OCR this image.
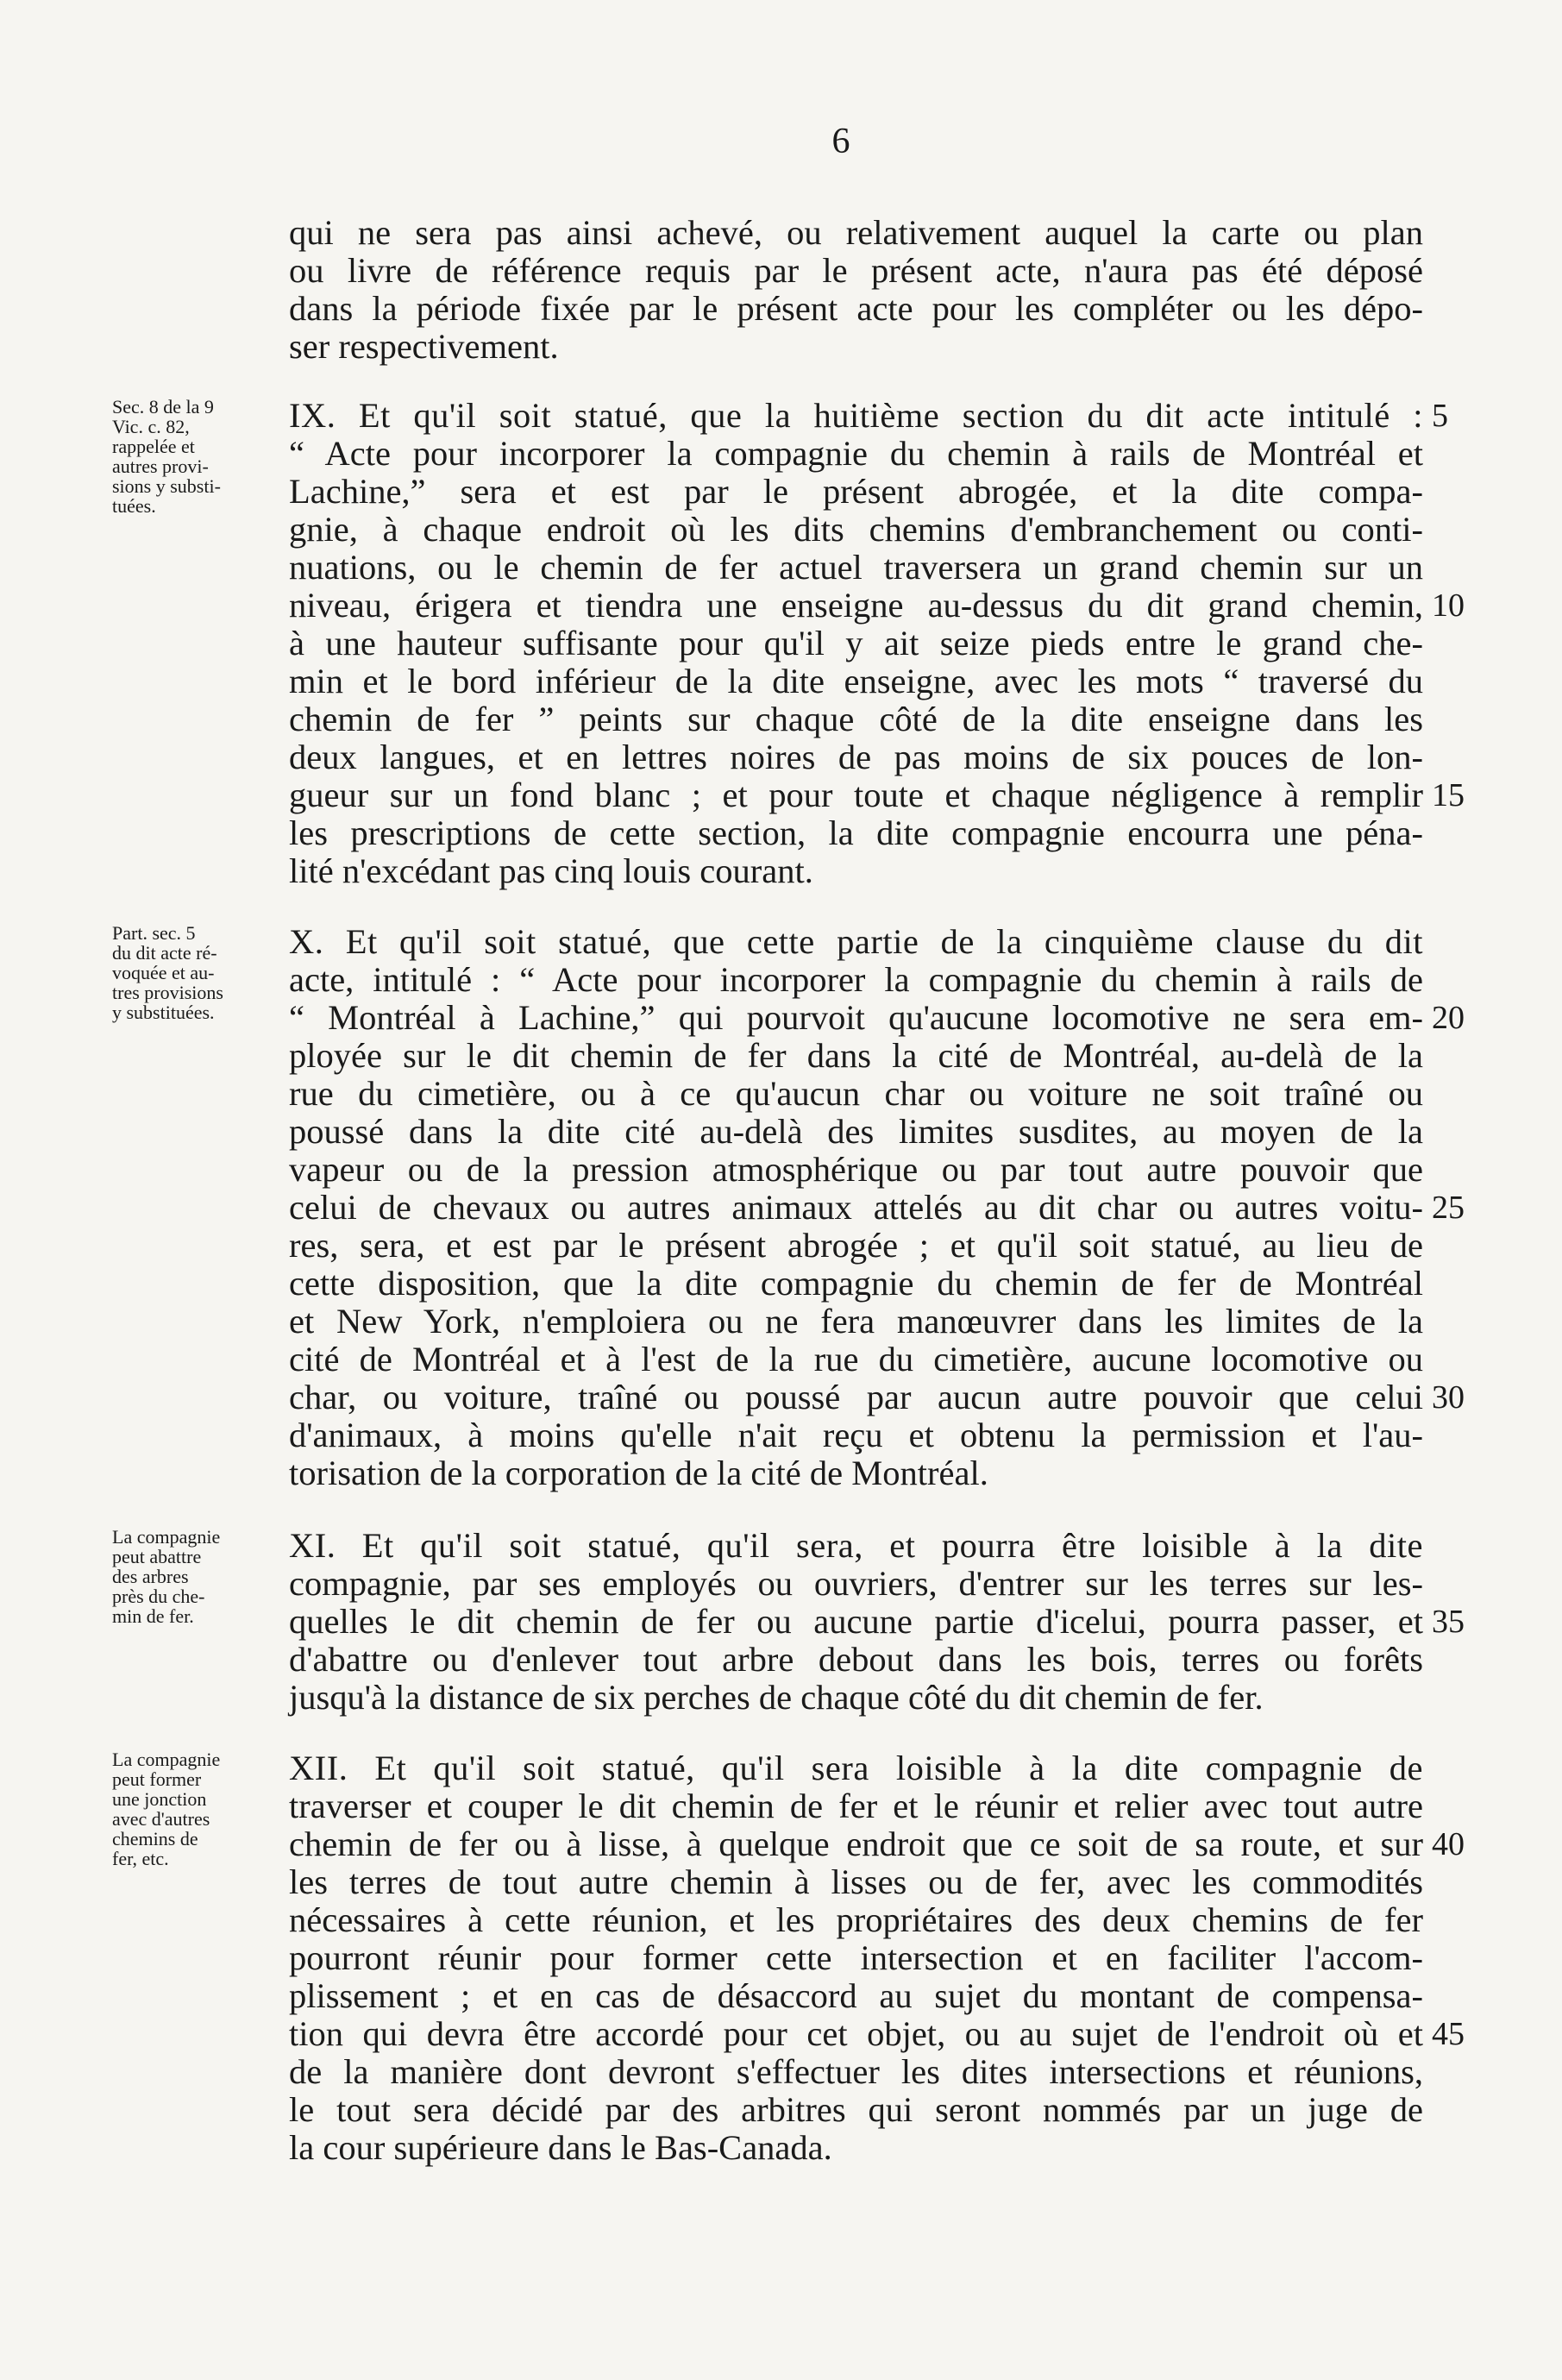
6
qui ne sera pas ainsi achevé, ou relativement auquel la carte ou plan
ou livre de référence requis par le présent acte, n'aura pas été déposé
dans la période fixée par le présent acte pour les compléter ou les dépo-
ser respectivement.
Sec. 8 de la 9
Vic. c. 82,
rappelée et
autres provi-
sions y substi-
tuées.
IX. Et qu'il soit statué, que la huitième section du dit acte intitulé :
“ Acte pour incorporer la compagnie du chemin à rails de Montréal et
Lachine,” sera et est par le présent abrogée, et la dite compa-
gnie, à chaque endroit où les dits chemins d'embranchement ou conti-
nuations, ou le chemin de fer actuel traversera un grand chemin sur un
niveau, érigera et tiendra une enseigne au-dessus du dit grand chemin,
à une hauteur suffisante pour qu'il y ait seize pieds entre le grand che-
min et le bord inférieur de la dite enseigne, avec les mots “ traversé du
chemin de fer ” peints sur chaque côté de la dite enseigne dans les
deux langues, et en lettres noires de pas moins de six pouces de lon-
gueur sur un fond blanc ; et pour toute et chaque négligence à remplir
les prescriptions de cette section, la dite compagnie encourra une péna-
lité n'excédant pas cinq louis courant.
Part. sec. 5
du dit acte ré-
voquée et au-
tres provisions
y substituées.
X. Et qu'il soit statué, que cette partie de la cinquième clause du dit
acte, intitulé : “ Acte pour incorporer la compagnie du chemin à rails de
“ Montréal à Lachine,” qui pourvoit qu'aucune locomotive ne sera em-
ployée sur le dit chemin de fer dans la cité de Montréal, au-delà de la
rue du cimetière, ou à ce qu'aucun char ou voiture ne soit traîné ou
poussé dans la dite cité au-delà des limites susdites, au moyen de la
vapeur ou de la pression atmosphérique ou par tout autre pouvoir que
celui de chevaux ou autres animaux attelés au dit char ou autres voitu-
res, sera, et est par le présent abrogée ; et qu'il soit statué, au lieu de
cette disposition, que la dite compagnie du chemin de fer de Montréal
et New York, n'emploiera ou ne fera manœuvrer dans les limites de la
cité de Montréal et à l'est de la rue du cimetière, aucune locomotive ou
char, ou voiture, traîné ou poussé par aucun autre pouvoir que celui
d'animaux, à moins qu'elle n'ait reçu et obtenu la permission et l'au-
torisation de la corporation de la cité de Montréal.
La compagnie
peut abattre
des arbres
près du che-
min de fer.
XI. Et qu'il soit statué, qu'il sera, et pourra être loisible à la dite
compagnie, par ses employés ou ouvriers, d'entrer sur les terres sur les-
quelles le dit chemin de fer ou aucune partie d'icelui, pourra passer, et
d'abattre ou d'enlever tout arbre debout dans les bois, terres ou forêts
jusqu'à la distance de six perches de chaque côté du dit chemin de fer.
La compagnie
peut former
une jonction
avec d'autres
chemins de
fer, etc.
XII. Et qu'il soit statué, qu'il sera loisible à la dite compagnie de
traverser et couper le dit chemin de fer et le réunir et relier avec tout autre
chemin de fer ou à lisse, à quelque endroit que ce soit de sa route, et sur
les terres de tout autre chemin à lisses ou de fer, avec les commodités
nécessaires à cette réunion, et les propriétaires des deux chemins de fer
pourront réunir pour former cette intersection et en faciliter l'accom-
plissement ; et en cas de désaccord au sujet du montant de compensa-
tion qui devra être accordé pour cet objet, ou au sujet de l'endroit où et
de la manière dont devront s'effectuer les dites intersections et réunions,
le tout sera décidé par des arbitres qui seront nommés par un juge de
la cour supérieure dans le Bas-Canada.
5
10
15
20
25
30
35
40
45
